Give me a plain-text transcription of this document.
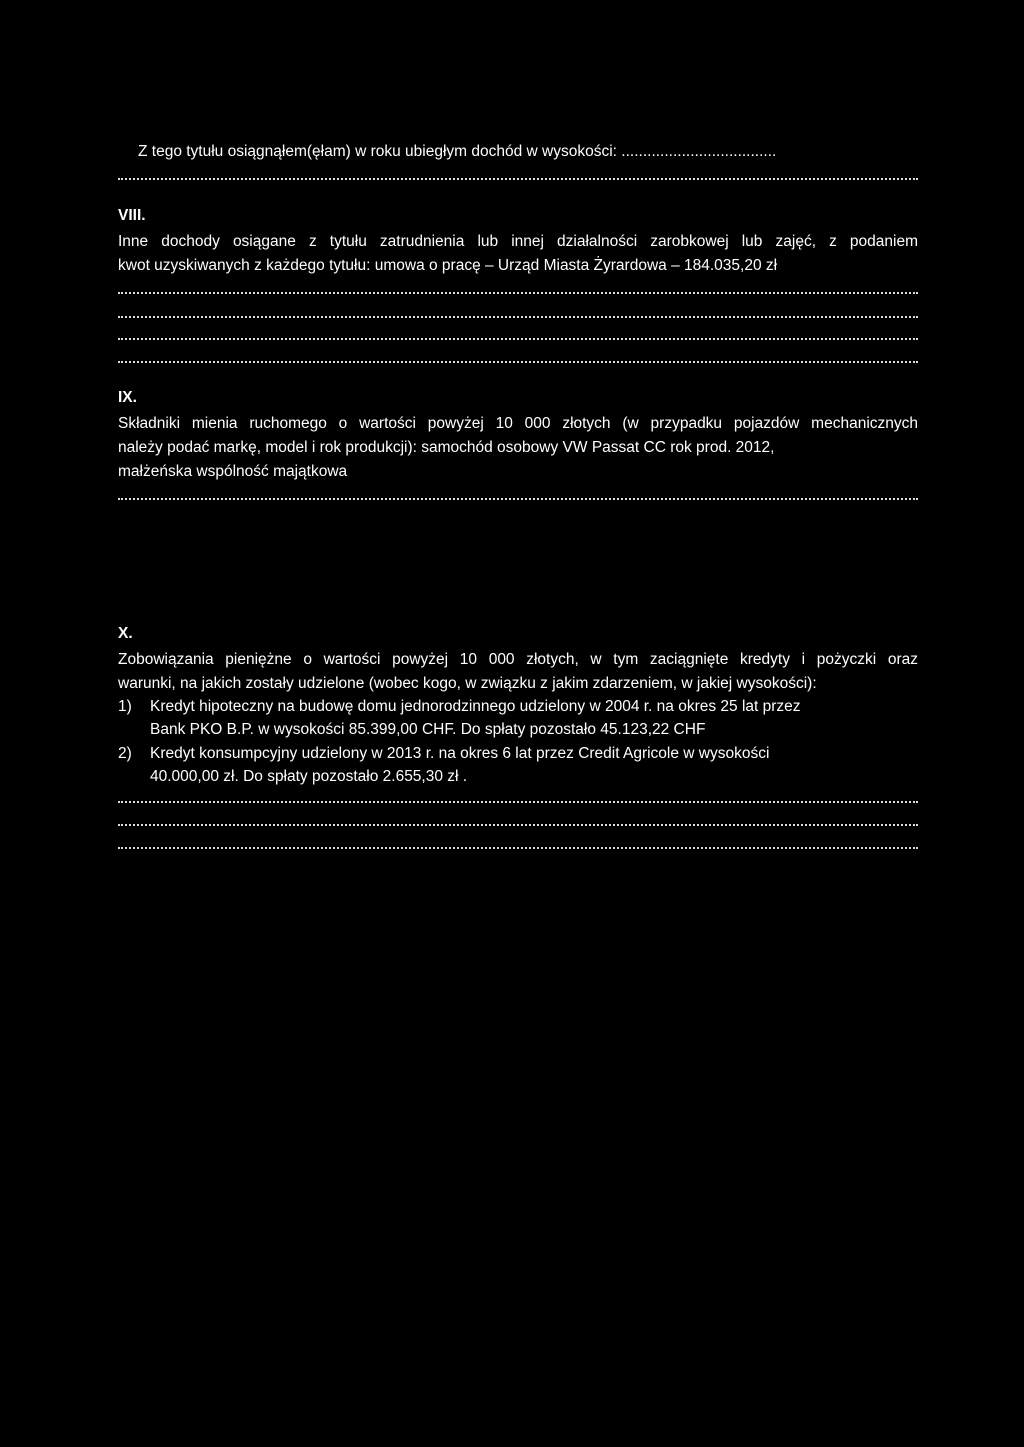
Z tego tytułu osiągnąłem(ęłam) w roku ubiegłym dochód w wysokości: ....................................
VIII.
Inne dochody osiągane z tytułu zatrudnienia lub innej działalności zarobkowej lub zajęć, z podaniem
kwot uzyskiwanych z każdego tytułu: umowa o pracę – Urząd Miasta Żyrardowa – 184.035,20 zł
IX.
Składniki mienia ruchomego o wartości powyżej 10 000 złotych (w przypadku pojazdów mechanicznych
należy podać markę, model i rok produkcji): samochód osobowy VW Passat CC rok prod. 2012,
małżeńska wspólność majątkowa
X.
Zobowiązania pieniężne o wartości powyżej 10 000 złotych, w tym zaciągnięte kredyty i pożyczki oraz
warunki, na jakich zostały udzielone (wobec kogo, w związku z jakim zdarzeniem, w jakiej wysokości):
1) Kredyt hipoteczny na budowę domu jednorodzinnego udzielony w 2004 r. na okres 25 lat przez
Bank PKO B.P. w wysokości 85.399,00 CHF. Do spłaty pozostało 45.123,22 CHF
2) Kredyt konsumpcyjny udzielony w 2013 r. na okres 6 lat przez Credit Agricole w wysokości
40.000,00 zł. Do spłaty pozostało 2.655,30 zł .
